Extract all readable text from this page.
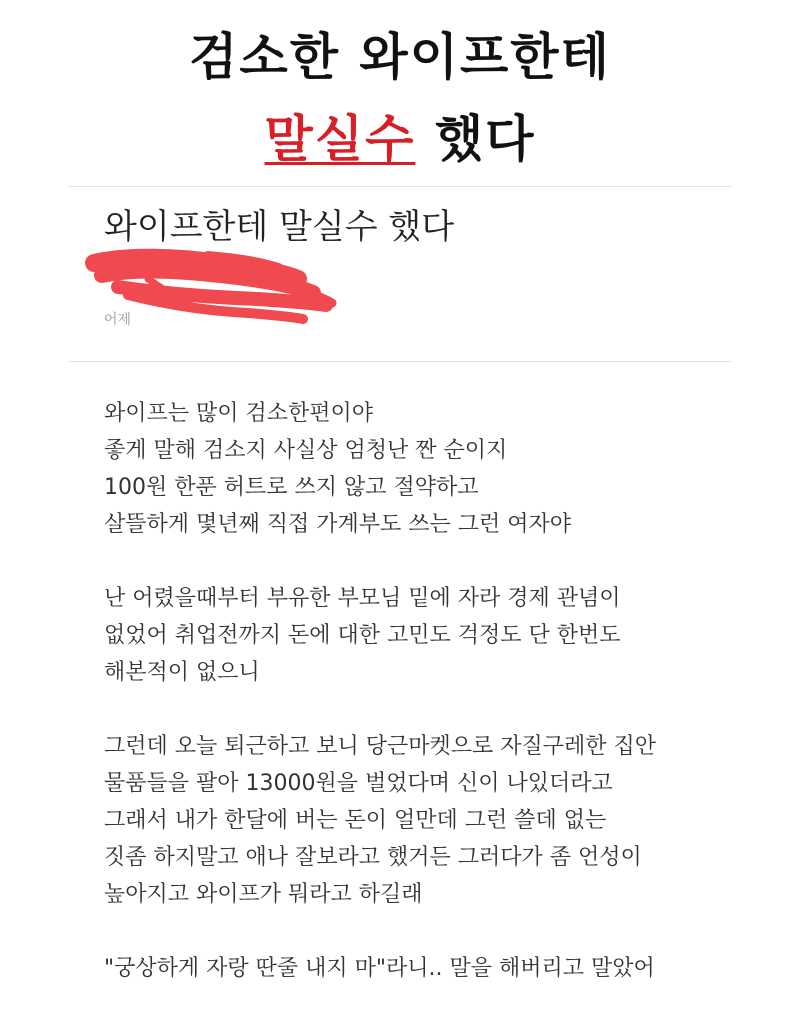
검소한 와이프한테
말실수 했다
와이프한테 말실수 했다
어제
와이프는 많이 검소한편이야
좋게 말해 검소지 사실상 엄청난 짠 순이지
100원 한푼 허트로 쓰지 않고 절약하고
살뜰하게 몇년째 직접 가계부도 쓰는 그런 여자야
난 어렸을때부터 부유한 부모님 밑에 자라 경제 관념이
없었어 취업전까지 돈에 대한 고민도 걱정도 단 한번도
해본적이 없으니
그런데 오늘 퇴근하고 보니 당근마켓으로 자질구레한 집안
물품들을 팔아 13000원을 벌었다며 신이 나있더라고
그래서 내가 한달에 버는 돈이 얼만데 그런 쓸데 없는
짓좀 하지말고 애나 잘보라고 했거든 그러다가 좀 언성이
높아지고 와이프가 뭐라고 하길래
"궁상하게 자랑 딴줄 내지 마"라니.. 말을 해버리고 말았어
